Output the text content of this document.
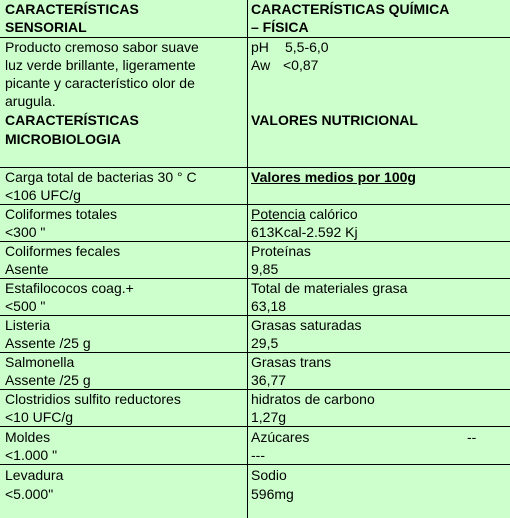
CARACTERÍSTICAS
SENSORIAL
CARACTERÍSTICAS QUÍMICA
– FÍSICA
Producto cremoso sabor suave
luz verde brillante, ligeramente
picante y característico olor de
arugula.
pH 5,5-6,0
Aw <0,87
CARACTERÍSTICAS
MICROBIOLOGIA
VALORES NUTRICIONAL
Carga total de bacterias 30 ° C
<106 UFC/g
Valores medios por 100g
Coliformes totales
<300 "
Potencia calórico
613Kcal-2.592 Kj
Coliformes fecales
Asente
Proteínas
9,85
Estafilococos coag.+
<500 "
Total de materiales grasa
63,18
Listeria
Assente /25 g
Grasas saturadas
29,5
Salmonella
Assente /25 g
Grasas trans
36,77
Clostridios sulfito reductores
<10 UFC/g
hidratos de carbono
1,27g
Moldes
<1.000 "
Azúcares	--
---
Levadura
<5.000"
Sodio
596mg
